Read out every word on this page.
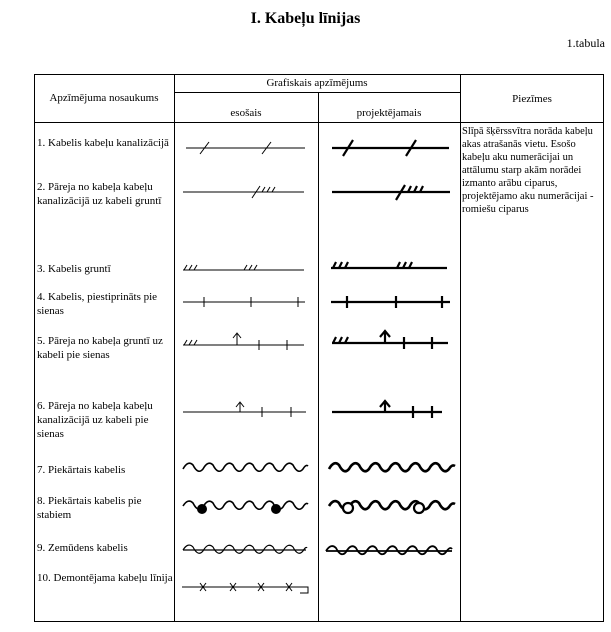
I. Kabeļu līnijas
1.tabula
Apzīmējuma nosaukums
Grafiskais apzīmējums
esošais	projektējamais
Piezīmes
1. Kabelis kabeļu kanalizācijā
2. Pāreja no kabeļa kabeļu kanalizācijā uz kabeli gruntī
3. Kabelis gruntī
4. Kabelis, piestiprināts pie sienas
5. Pāreja no kabeļa gruntī uz kabeli pie sienas
6. Pāreja no kabeļa kabeļu kanalizācijā uz kabeli pie sienas
7. Piekārtais kabelis
8. Piekārtais kabelis pie stabiem
9. Zemūdens kabelis
10. Demontējama kabeļu līnija
Slīpā šķērssvītra norāda kabeļu akas atrašanās vietu. Esošo kabeļu aku numerācijai un attālumu starp akām norādei izmanto arābu ciparus, projektējamo aku numerācijai - romiešu ciparus
